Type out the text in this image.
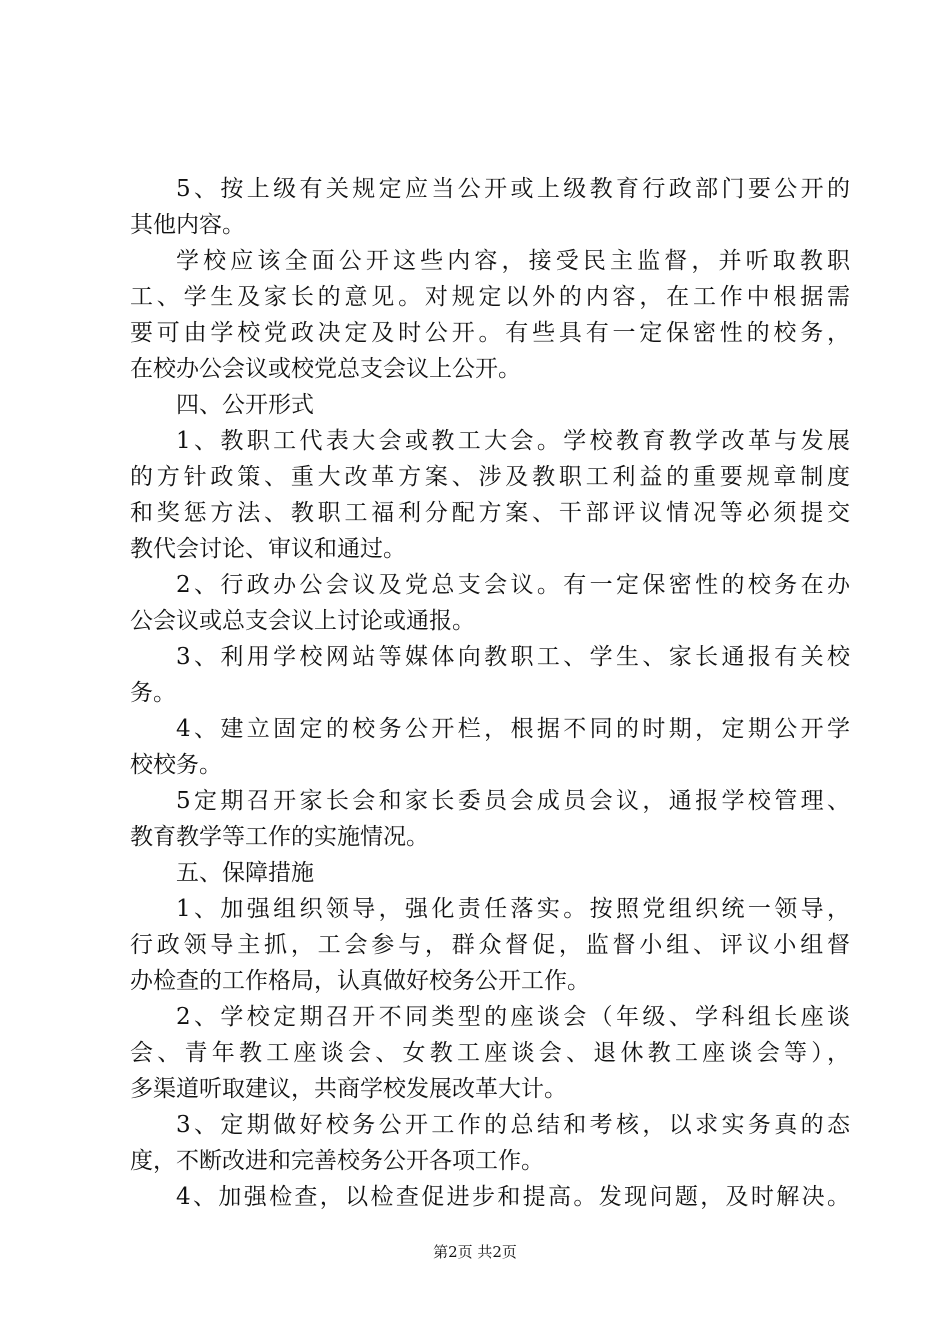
5、按上级有关规定应当公开或上级教育行政部门要公开的
其他内容。
学校应该全面公开这些内容，接受民主监督，并听取教职
工、学生及家长的意见。对规定以外的内容，在工作中根据需
要可由学校党政决定及时公开。有些具有一定保密性的校务，
在校办公会议或校党总支会议上公开。
四、公开形式
1、教职工代表大会或教工大会。学校教育教学改革与发展
的方针政策、重大改革方案、涉及教职工利益的重要规章制度
和奖惩方法、教职工福利分配方案、干部评议情况等必须提交
教代会讨论、审议和通过。
2、行政办公会议及党总支会议。有一定保密性的校务在办
公会议或总支会议上讨论或通报。
3、利用学校网站等媒体向教职工、学生、家长通报有关校
务。
4、建立固定的校务公开栏，根据不同的时期，定期公开学
校校务。
5定期召开家长会和家长委员会成员会议，通报学校管理、
教育教学等工作的实施情况。
五、保障措施
1、加强组织领导，强化责任落实。按照党组织统一领导，
行政领导主抓，工会参与，群众督促，监督小组、评议小组督
办检查的工作格局，认真做好校务公开工作。
2、学校定期召开不同类型的座谈会（年级、学科组长座谈
会、青年教工座谈会、女教工座谈会、退休教工座谈会等），
多渠道听取建议，共商学校发展改革大计。
3、定期做好校务公开工作的总结和考核，以求实务真的态
度，不断改进和完善校务公开各项工作。
4、加强检查，以检查促进步和提高。发现问题，及时解决。
第2页 共2页
